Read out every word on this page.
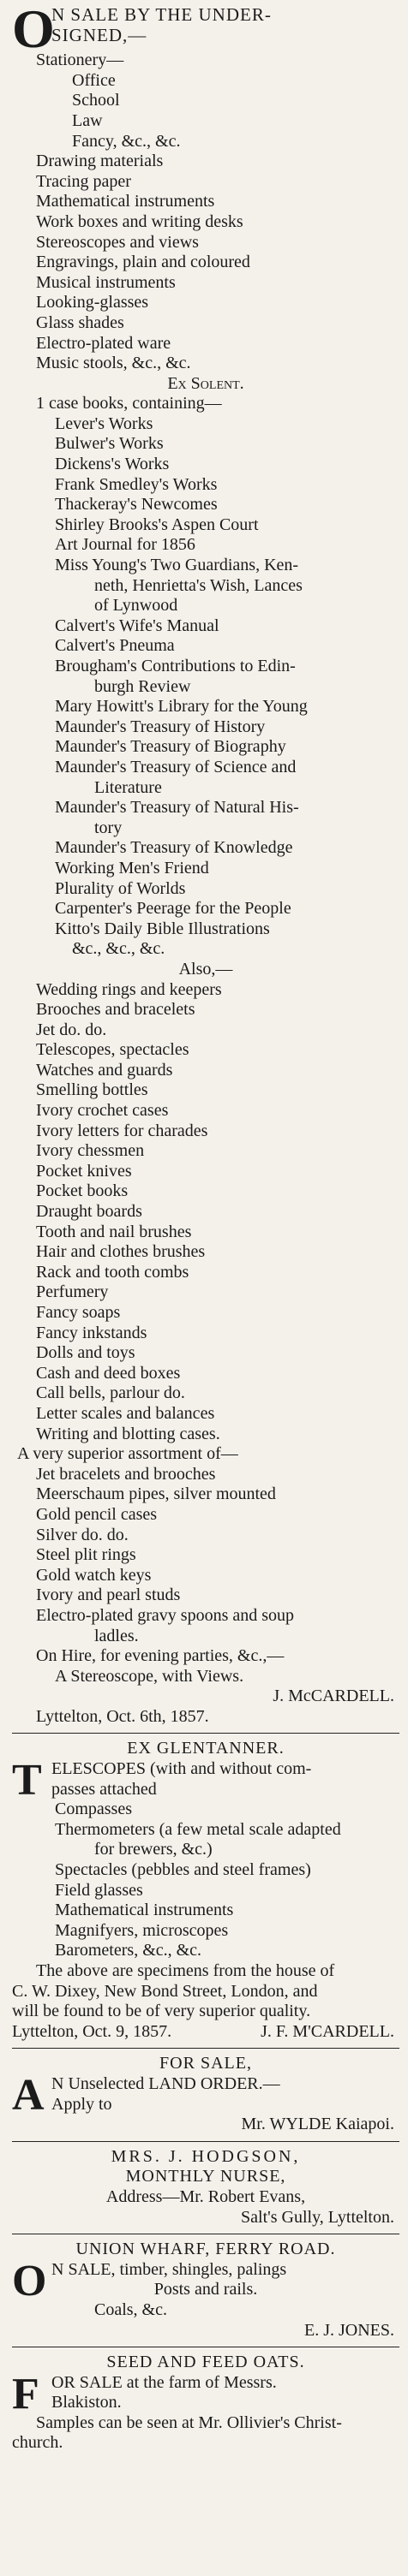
O
N SALE BY THE UNDER-
SIGNED,—
Stationery—
Office
School
Law
Fancy, &c., &c.
Drawing materials
Tracing paper
Mathematical instruments
Work boxes and writing desks
Stereoscopes and views
Engravings, plain and coloured
Musical instruments
Looking-glasses
Glass shades
Electro-plated ware
Music stools, &c., &c.
Ex Solent.
1 case books, containing—
Lever's Works
Bulwer's Works
Dickens's Works
Frank Smedley's Works
Thackeray's Newcomes
Shirley Brooks's Aspen Court
Art Journal for 1856
Miss Young's Two Guardians, Ken-
neth, Henrietta's Wish, Lances
of Lynwood
Calvert's Wife's Manual
Calvert's Pneuma
Brougham's Contributions to Edin-
burgh Review
Mary Howitt's Library for the Young
Maunder's Treasury of History
Maunder's Treasury of Biography
Maunder's Treasury of Science and
Literature
Maunder's Treasury of Natural His-
tory
Maunder's Treasury of Knowledge
Working Men's Friend
Plurality of Worlds
Carpenter's Peerage for the People
Kitto's Daily Bible Illustrations
&c., &c., &c.
Also,—
Wedding rings and keepers
Brooches and bracelets
Jet do. do.
Telescopes, spectacles
Watches and guards
Smelling bottles
Ivory crochet cases
Ivory letters for charades
Ivory chessmen
Pocket knives
Pocket books
Draught boards
Tooth and nail brushes
Hair and clothes brushes
Rack and tooth combs
Perfumery
Fancy soaps
Fancy inkstands
Dolls and toys
Cash and deed boxes
Call bells, parlour do.
Letter scales and balances
Writing and blotting cases.
A very superior assortment of—
Jet bracelets and brooches
Meerschaum pipes, silver mounted
Gold pencil cases
Silver do. do.
Steel plit rings
Gold watch keys
Ivory and pearl studs
Electro-plated gravy spoons and soup
ladles.
On Hire, for evening parties, &c.,—
A Stereoscope, with Views.
J. McCARDELL.
Lyttelton, Oct. 6th, 1857.
EX GLENTANNER.
T ELESCOPES (with and without com-
passes attached
Compasses
Thermometers (a few metal scale adapted
for brewers, &c.)
Spectacles (pebbles and steel frames)
Field glasses
Mathematical instruments
Magnifyers, microscopes
Barometers, &c., &c.
The above are specimens from the house of
C. W. Dixey, New Bond Street, London, and
will be found to be of very superior quality.
Lyttelton, Oct. 9, 1857.	J. F. M'CARDELL.
FOR SALE,
A N Unselected LAND ORDER.—
Apply to
Mr. WYLDE Kaiapoi.
MRS. J. HODGSON,
MONTHLY NURSE,
Address—Mr. Robert Evans,
Salt's Gully, Lyttelton.
UNION WHARF, FERRY ROAD.
O N SALE, timber, shingles, palings
Posts and rails.
Coals, &c.
E. J. JONES.
SEED AND FEED OATS.
F OR SALE at the farm of Messrs.
Blakiston.
Samples can be seen at Mr. Ollivier's Christ-
church.
